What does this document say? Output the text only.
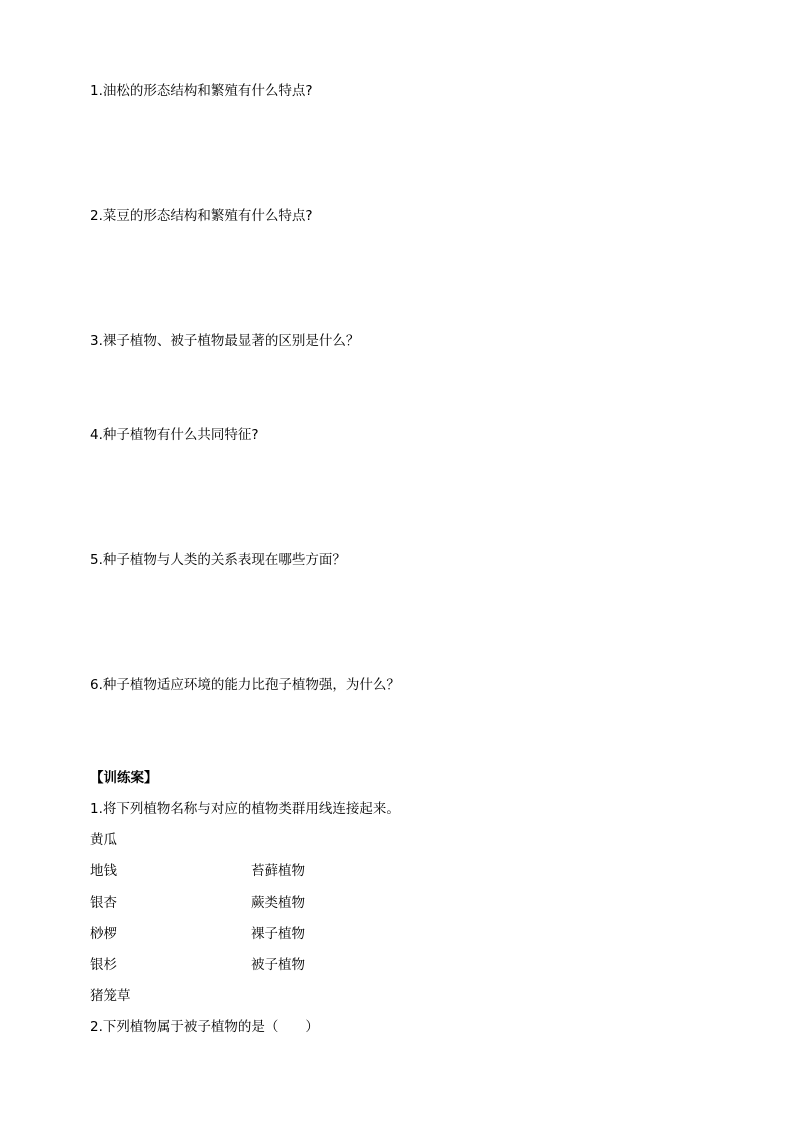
1.油松的形态结构和繁殖有什么特点?
2.菜豆的形态结构和繁殖有什么特点?
3.裸子植物、被子植物最显著的区别是什么？
4.种子植物有什么共同特征?
5.种子植物与人类的关系表现在哪些方面？
6.种子植物适应环境的能力比孢子植物强，为什么？
【训练案】
1.将下列植物名称与对应的植物类群用线连接起来。
黄瓜
地钱
银杏
桫椤
银杉
猪笼草
苔藓植物
蕨类植物
裸子植物
被子植物
2.下列植物属于被子植物的是（　　）
